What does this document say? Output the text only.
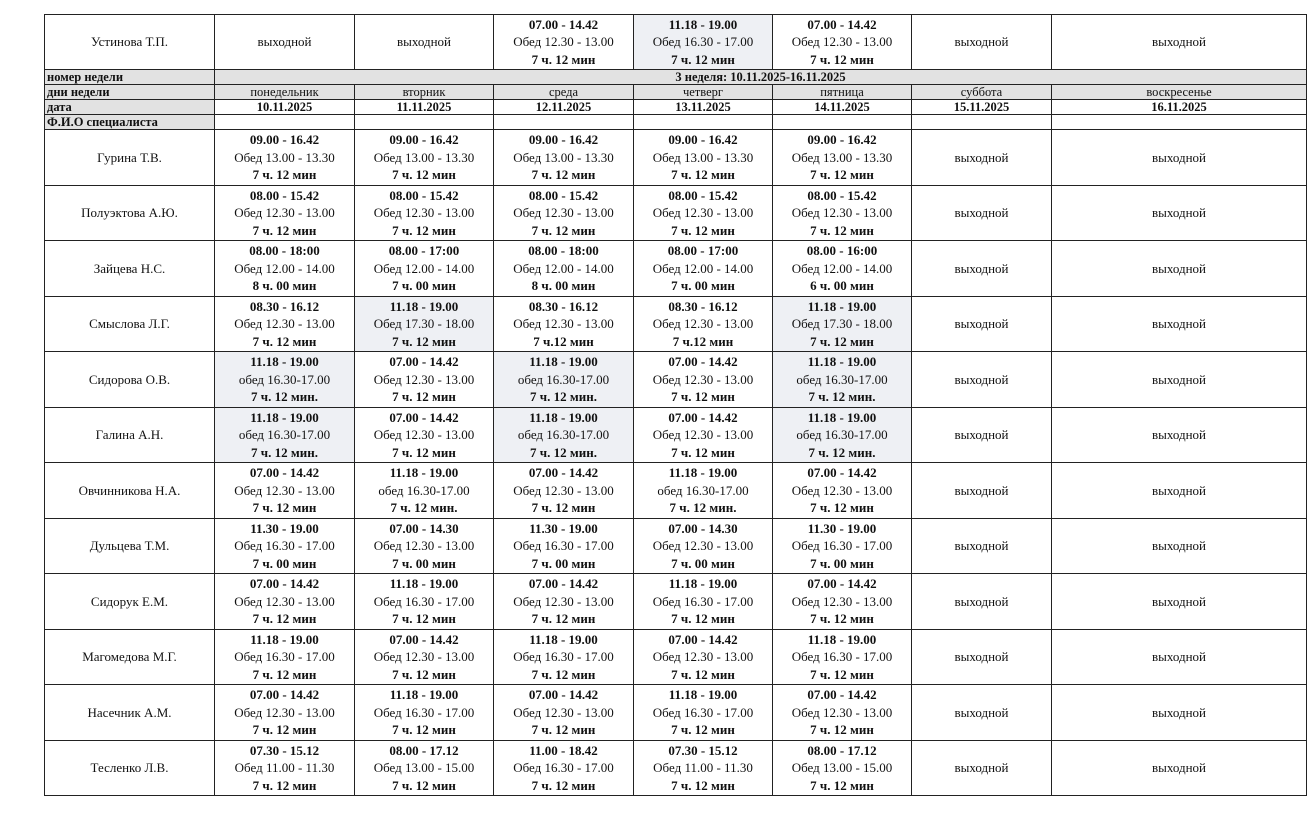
Устинова Т.П.	выходной	выходной	07.00 - 14.42
Обед 12.30 - 13.00
7 ч. 12 мин	11.18 - 19.00
Обед 16.30 - 17.00
7 ч. 12 мин	07.00 - 14.42
Обед 12.30 - 13.00
7 ч. 12 мин	выходной	выходной
номер недели	3 неделя: 10.11.2025-16.11.2025						
дни недели	понедельник	вторник	среда	четверг	пятница	суббота	воскресенье
дата	10.11.2025	11.11.2025	12.11.2025	13.11.2025	14.11.2025	15.11.2025	16.11.2025
Ф.И.О специалиста							
Гурина Т.В.	09.00 - 16.42
Обед 13.00 - 13.30
7 ч. 12 мин	09.00 - 16.42
Обед 13.00 - 13.30
7 ч. 12 мин	09.00 - 16.42
Обед 13.00 - 13.30
7 ч. 12 мин	09.00 - 16.42
Обед 13.00 - 13.30
7 ч. 12 мин	09.00 - 16.42
Обед 13.00 - 13.30
7 ч. 12 мин	выходной	выходной
Полуэктова А.Ю.	08.00 - 15.42
Обед 12.30 - 13.00
7 ч. 12 мин	08.00 - 15.42
Обед 12.30 - 13.00
7 ч. 12 мин	08.00 - 15.42
Обед 12.30 - 13.00
7 ч. 12 мин	08.00 - 15.42
Обед 12.30 - 13.00
7 ч. 12 мин	08.00 - 15.42
Обед 12.30 - 13.00
7 ч. 12 мин	выходной	выходной
Зайцева Н.С.	08.00 - 18:00
Обед 12.00 - 14.00
8 ч. 00 мин	08.00 - 17:00
Обед 12.00 - 14.00
7 ч. 00 мин	08.00 - 18:00
Обед 12.00 - 14.00
8 ч. 00 мин	08.00 - 17:00
Обед 12.00 - 14.00
7 ч. 00 мин	08.00 - 16:00
Обед 12.00 - 14.00
6 ч. 00 мин	выходной	выходной
Смыслова Л.Г.	08.30 - 16.12
Обед 12.30 - 13.00
7 ч. 12 мин	11.18 - 19.00
Обед 17.30 - 18.00
7 ч. 12 мин	08.30 - 16.12
Обед 12.30 - 13.00
7 ч.12 мин	08.30 - 16.12
Обед 12.30 - 13.00
7 ч.12 мин	11.18 - 19.00
Обед 17.30 - 18.00
7 ч. 12 мин	выходной	выходной
Сидорова О.В.	11.18 - 19.00
обед 16.30-17.00
7 ч. 12 мин.	07.00 - 14.42
Обед 12.30 - 13.00
7 ч. 12 мин	11.18 - 19.00
обед 16.30-17.00
7 ч. 12 мин.	07.00 - 14.42
Обед 12.30 - 13.00
7 ч. 12 мин	11.18 - 19.00
обед 16.30-17.00
7 ч. 12 мин.	выходной	выходной
Галина А.Н.	11.18 - 19.00
обед 16.30-17.00
7 ч. 12 мин.	07.00 - 14.42
Обед 12.30 - 13.00
7 ч. 12 мин	11.18 - 19.00
обед 16.30-17.00
7 ч. 12 мин.	07.00 - 14.42
Обед 12.30 - 13.00
7 ч. 12 мин	11.18 - 19.00
обед 16.30-17.00
7 ч. 12 мин.	выходной	выходной
Овчинникова Н.А.	07.00 - 14.42
Обед 12.30 - 13.00
7 ч. 12 мин	11.18 - 19.00
обед 16.30-17.00
7 ч. 12 мин.	07.00 - 14.42
Обед 12.30 - 13.00
7 ч. 12 мин	11.18 - 19.00
обед 16.30-17.00
7 ч. 12 мин.	07.00 - 14.42
Обед 12.30 - 13.00
7 ч. 12 мин	выходной	выходной
Дульцева Т.М.	11.30 - 19.00
Обед 16.30 - 17.00
7 ч. 00 мин	07.00 - 14.30
Обед 12.30 - 13.00
7 ч. 00 мин	11.30 - 19.00
Обед 16.30 - 17.00
7 ч. 00 мин	07.00 - 14.30
Обед 12.30 - 13.00
7 ч. 00 мин	11.30 - 19.00
Обед 16.30 - 17.00
7 ч. 00 мин	выходной	выходной
Сидорук Е.М.	07.00 - 14.42
Обед 12.30 - 13.00
7 ч. 12 мин	11.18 - 19.00
Обед 16.30 - 17.00
7 ч. 12 мин	07.00 - 14.42
Обед 12.30 - 13.00
7 ч. 12 мин	11.18 - 19.00
Обед 16.30 - 17.00
7 ч. 12 мин	07.00 - 14.42
Обед 12.30 - 13.00
7 ч. 12 мин	выходной	выходной
Магомедова М.Г.	11.18 - 19.00
Обед 16.30 - 17.00
7 ч. 12 мин	07.00 - 14.42
Обед 12.30 - 13.00
7 ч. 12 мин	11.18 - 19.00
Обед 16.30 - 17.00
7 ч. 12 мин	07.00 - 14.42
Обед 12.30 - 13.00
7 ч. 12 мин	11.18 - 19.00
Обед 16.30 - 17.00
7 ч. 12 мин	выходной	выходной
Насечник А.М.	07.00 - 14.42
Обед 12.30 - 13.00
7 ч. 12 мин	11.18 - 19.00
Обед 16.30 - 17.00
7 ч. 12 мин	07.00 - 14.42
Обед 12.30 - 13.00
7 ч. 12 мин	11.18 - 19.00
Обед 16.30 - 17.00
7 ч. 12 мин	07.00 - 14.42
Обед 12.30 - 13.00
7 ч. 12 мин	выходной	выходной
Тесленко Л.В.	07.30 - 15.12
Обед 11.00 - 11.30
7 ч. 12 мин	08.00 - 17.12
Обед 13.00 - 15.00
7 ч. 12 мин	11.00 - 18.42
Обед 16.30 - 17.00
7 ч. 12 мин	07.30 - 15.12
Обед 11.00 - 11.30
7 ч. 12 мин	08.00 - 17.12
Обед 13.00 - 15.00
7 ч. 12 мин	выходной	выходной
